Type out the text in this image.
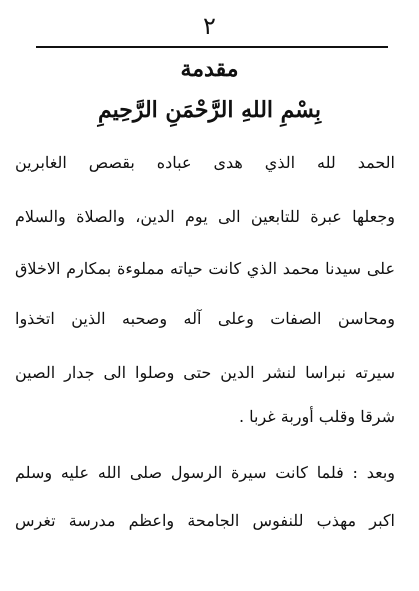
٢
مقدمة
بِسْمِ اللهِ الرَّحْمَنِ الرَّحِيمِ
الحمد لله الذي هدى عباده بقصص الغابرين
وجعلها عبرة للتابعين الى يوم الدين، والصلاة والسلام
على سيدنا محمد الذي كانت حياته مملوءة بمكارم الاخلاق
ومحاسن الصفات وعلى آله وصحبه الذين اتخذوا
سيرته نبراسا لنشر الدين حتى وصلوا الى جدار الصين
شرقا وقلب أوربة غربا .
وبعد : فلما كانت سيرة الرسول صلى الله عليه وسلم
اكبر مهذب للنفوس الجامحة واعظم مدرسة تغرس
